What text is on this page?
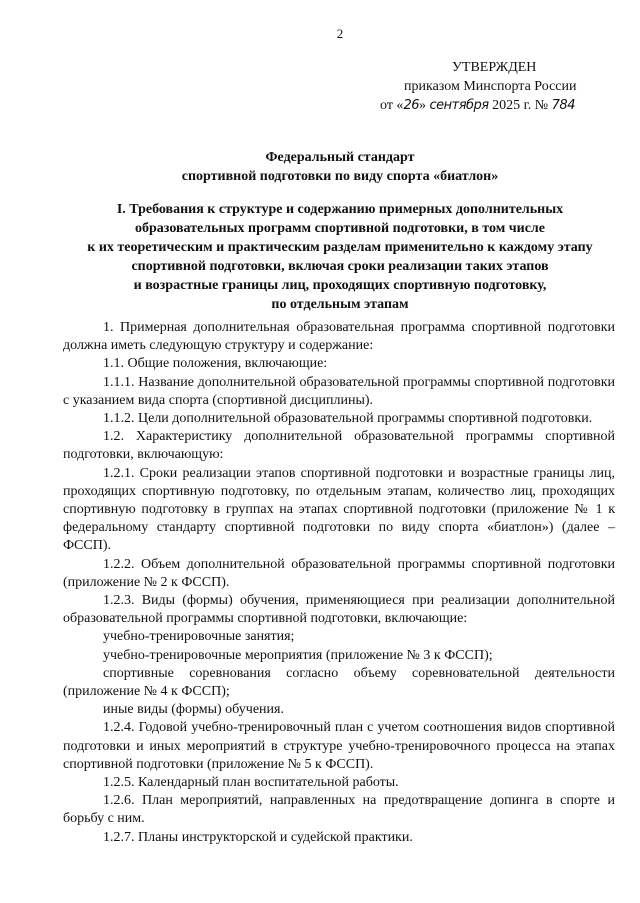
2
УТВЕРЖДЕН
приказом Минспорта России
от «26» сентября 2025 г. № 784
Федеральный стандарт
спортивной подготовки по виду спорта «биатлон»
I. Требования к структуре и содержанию примерных дополнительных
образовательных программ спортивной подготовки, в том числе
к их теоретическим и практическим разделам применительно к каждому этапу
спортивной подготовки, включая сроки реализации таких этапов
и возрастные границы лиц, проходящих спортивную подготовку,
по отдельным этапам

1. Примерная дополнительная образовательная программа спортивной подготовки должна иметь следующую структуру и содержание:

1.1. Общие положения, включающие:

1.1.1. Название дополнительной образовательной программы спортивной подготовки с указанием вида спорта (спортивной дисциплины).

1.1.2. Цели дополнительной образовательной программы спортивной подготовки.

1.2. Характеристику дополнительной образовательной программы спортивной подготовки, включающую:

1.2.1. Сроки реализации этапов спортивной подготовки и возрастные границы лиц, проходящих спортивную подготовку, по отдельным этапам, количество лиц, проходящих спортивную подготовку в группах на этапах спортивной подготовки (приложение № 1 к федеральному стандарту спортивной подготовки по виду спорта «биатлон») (далее – ФССП).

1.2.2. Объем дополнительной образовательной программы спортивной подготовки (приложение № 2 к ФССП).

1.2.3. Виды (формы) обучения, применяющиеся при реализации дополнительной образовательной программы спортивной подготовки, включающие:

учебно-тренировочные занятия;

учебно-тренировочные мероприятия (приложение № 3 к ФССП);

спортивные соревнования согласно объему соревновательной деятельности (приложение № 4 к ФССП);

иные виды (формы) обучения.

1.2.4. Годовой учебно-тренировочный план с учетом соотношения видов спортивной подготовки и иных мероприятий в структуре учебно-тренировочного процесса на этапах спортивной подготовки (приложение № 5 к ФССП).

1.2.5. Календарный план воспитательной работы.

1.2.6. План мероприятий, направленных на предотвращение допинга в спорте и борьбу с ним.

1.2.7. Планы инструкторской и судейской практики.
